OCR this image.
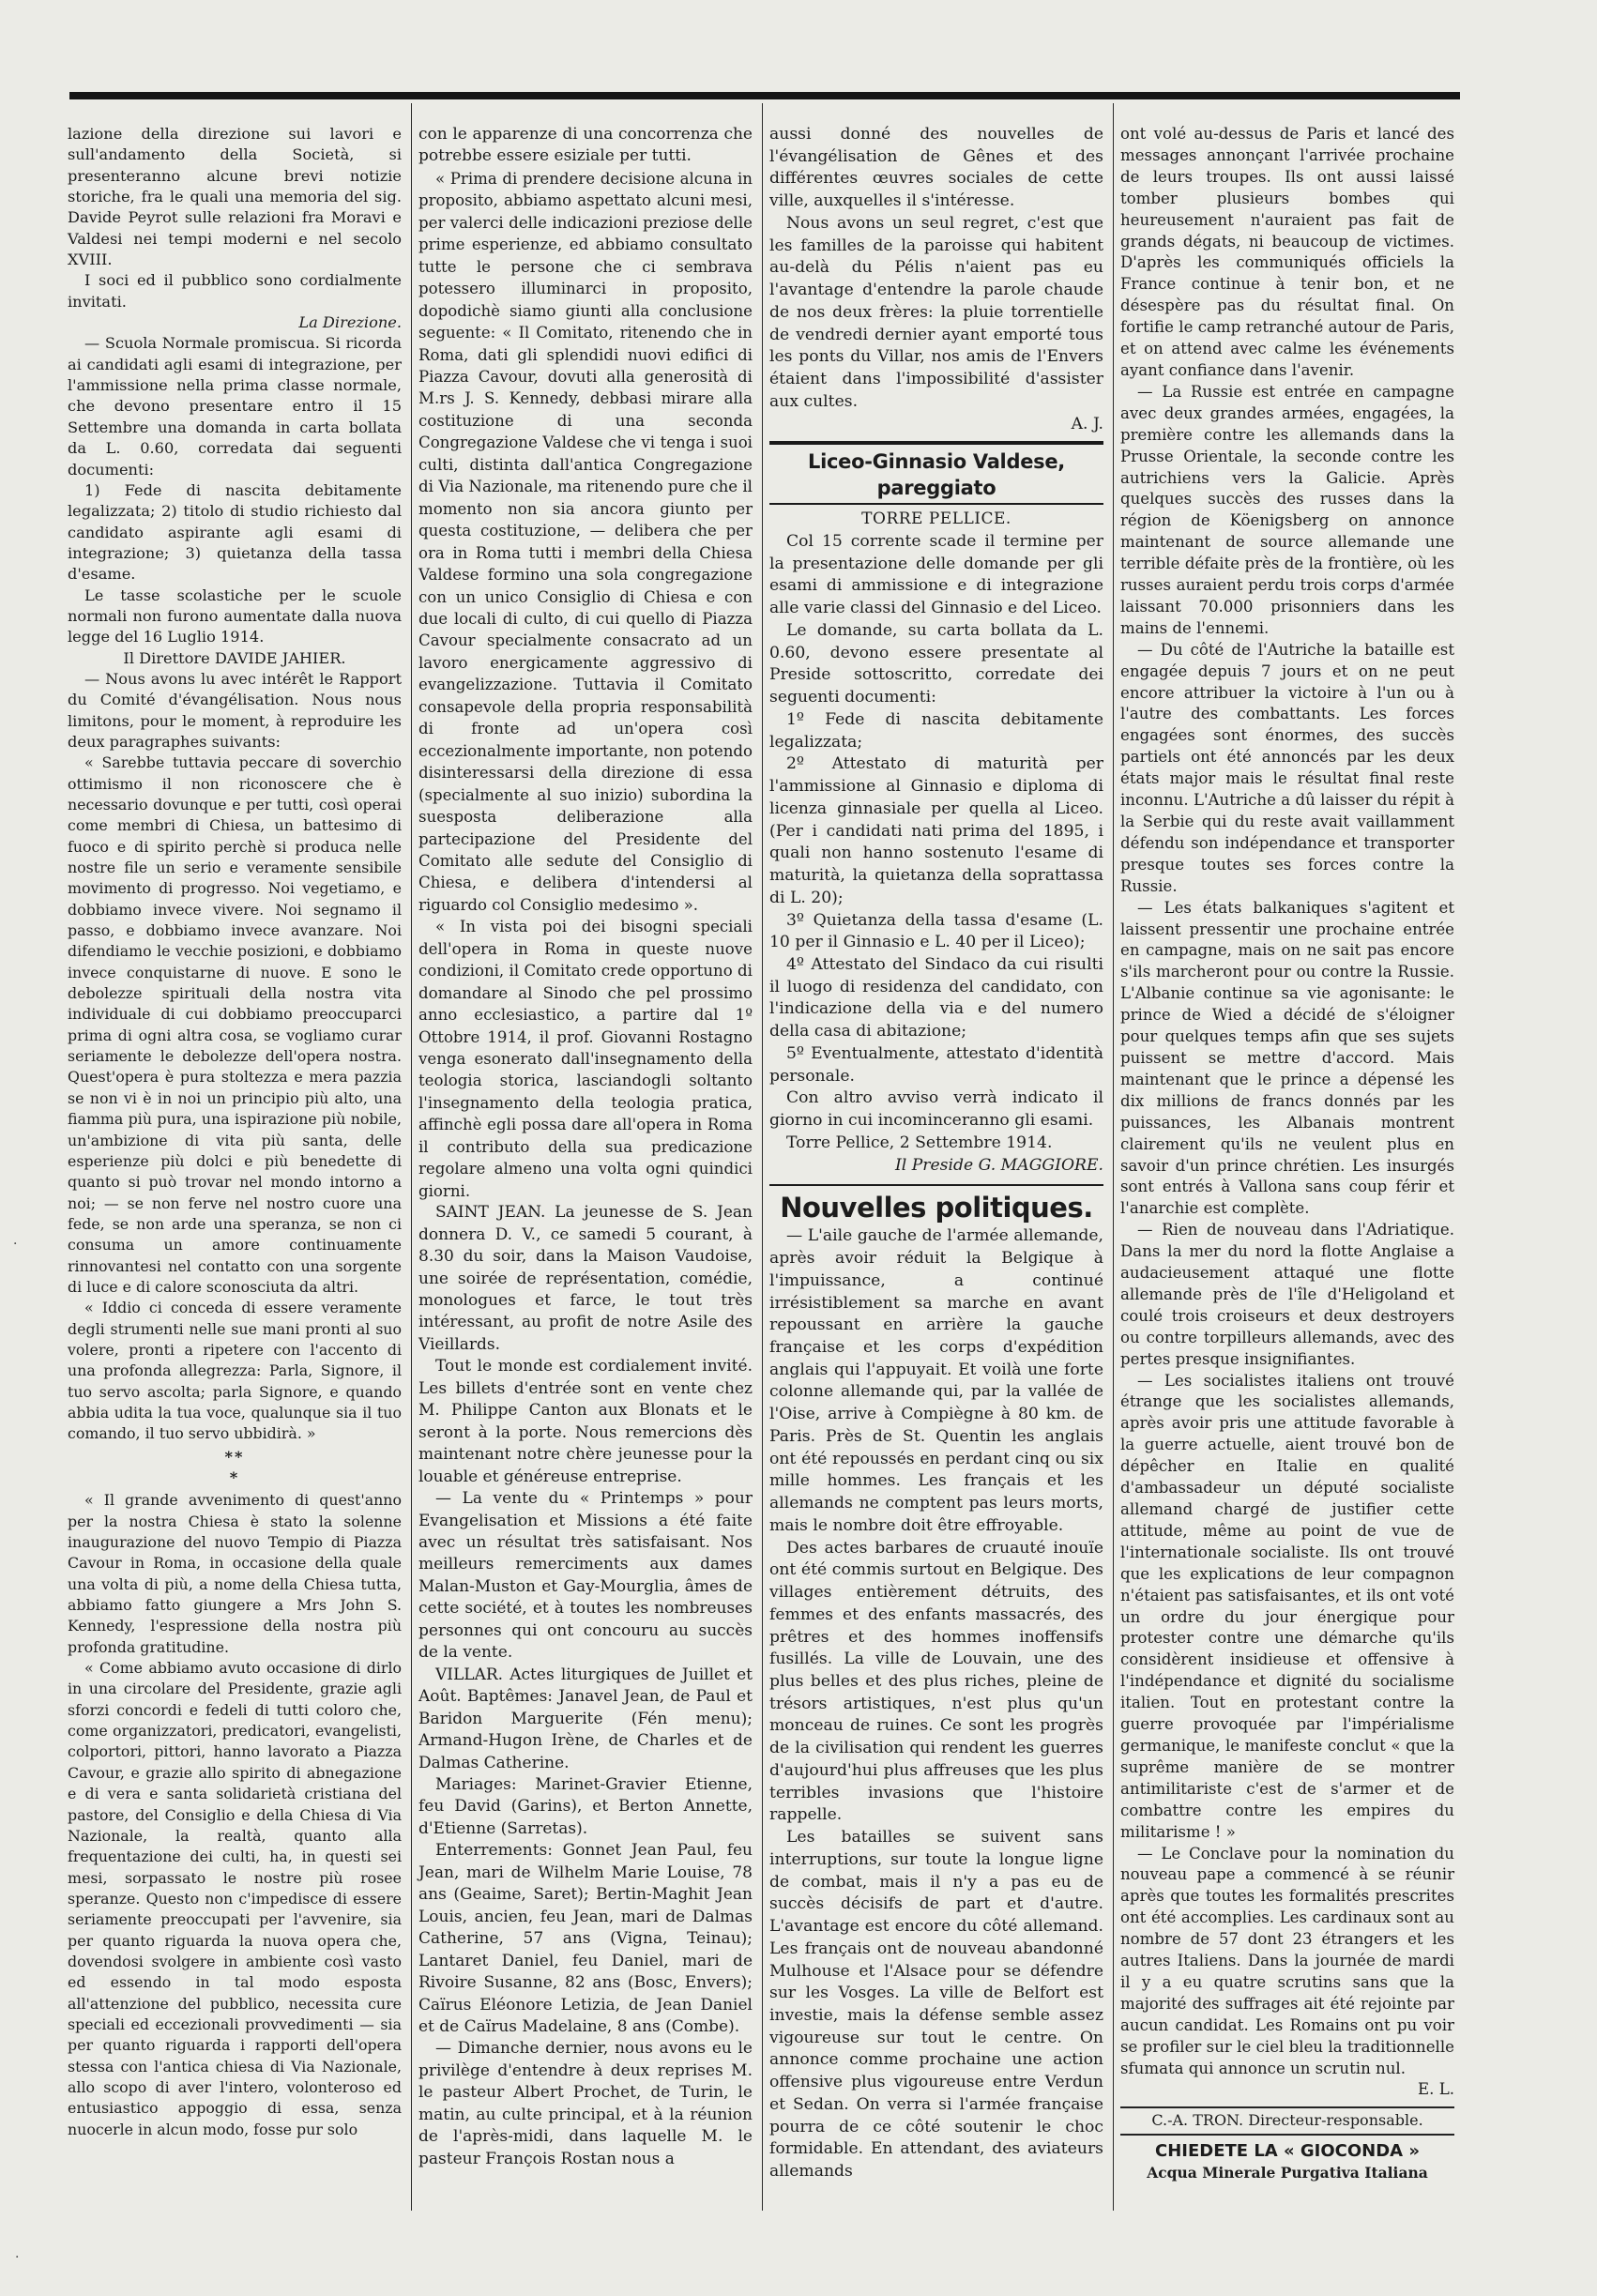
lazione della direzione sui lavori e sull'andamento della Società, si presenteranno alcune brevi notizie storiche, fra le quali una memoria del sig. Davide Peyrot sulle relazioni fra Moravi e Valdesi nei tempi moderni e nel secolo XVIII.

I soci ed il pubblico sono cordialmente invitati.

La Direzione.

— Scuola Normale promiscua. Si ricorda ai candidati agli esami di integrazione, per l'ammissione nella prima classe normale, che devono presentare entro il 15 Settembre una domanda in carta bollata da L. 0.60, corredata dai seguenti documenti:

1) Fede di nascita debitamente legalizzata; 2) titolo di studio richiesto dal candidato aspirante agli esami di integrazione; 3) quietanza della tassa d'esame.

Le tasse scolastiche per le scuole normali non furono aumentate dalla nuova legge del 16 Luglio 1914.

Il Direttore DAVIDE JAHIER.

— Nous avons lu avec intérêt le Rapport du Comité d'évangélisation. Nous nous limitons, pour le moment, à reproduire les deux paragraphes suivants:

« Sarebbe tuttavia peccare di soverchio ottimismo il non riconoscere che è necessario dovunque e per tutti, così operai come membri di Chiesa, un battesimo di fuoco e di spirito perchè si produca nelle nostre file un serio e veramente sensibile movimento di progresso. Noi vegetiamo, e dobbiamo invece vivere. Noi segnamo il passo, e dobbiamo invece avanzare. Noi difendiamo le vecchie posizioni, e dobbiamo invece conquistarne di nuove. E sono le debolezze spirituali della nostra vita individuale di cui dobbiamo preoccuparci prima di ogni altra cosa, se vogliamo curar seriamente le debolezze dell'opera nostra. Quest'opera è pura stoltezza e mera pazzia se non vi è in noi un principio più alto, una fiamma più pura, una ispirazione più nobile, un'ambizione di vita più santa, delle esperienze più dolci e più benedette di quanto si può trovar nel mondo intorno a noi; — se non ferve nel nostro cuore una fede, se non arde una speranza, se non ci consuma un amore continuamente rinnovantesi nel contatto con una sorgente di luce e di calore sconosciuta da altri.

« Iddio ci conceda di essere veramente degli strumenti nelle sue mani pronti al suo volere, pronti a ripetere con l'accento di una profonda allegrezza: Parla, Signore, il tuo servo ascolta; parla Signore, e quando abbia udita la tua voce, qualunque sia il tuo comando, il tuo servo ubbidirà. »

**
*

« Il grande avvenimento di quest'anno per la nostra Chiesa è stato la solenne inaugurazione del nuovo Tempio di Piazza Cavour in Roma, in occasione della quale una volta di più, a nome della Chiesa tutta, abbiamo fatto giungere a Mrs John S. Kennedy, l'espressione della nostra più profonda gratitudine.

« Come abbiamo avuto occasione di dirlo in una circolare del Presidente, grazie agli sforzi concordi e fedeli di tutti coloro che, come organizzatori, predicatori, evangelisti, colportori, pittori, hanno lavorato a Piazza Cavour, e grazie allo spirito di abnegazione e di vera e santa solidarietà cristiana del pastore, del Consiglio e della Chiesa di Via Nazionale, la realtà, quanto alla frequentazione dei culti, ha, in questi sei mesi, sorpassato le nostre più rosee speranze. Questo non c'impedisce di essere seriamente preoccupati per l'avvenire, sia per quanto riguarda la nuova opera che, dovendosi svolgere in ambiente così vasto ed essendo in tal modo esposta all'attenzione del pubblico, necessita cure speciali ed eccezionali provvedimenti — sia per quanto riguarda i rapporti dell'opera stessa con l'antica chiesa di Via Nazionale, allo scopo di aver l'intero, volonteroso ed entusiastico appoggio di essa, senza nuocerle in alcun modo, fosse pur solo

con le apparenze di una concorrenza che potrebbe essere esiziale per tutti.

« Prima di prendere decisione alcuna in proposito, abbiamo aspettato alcuni mesi, per valerci delle indicazioni preziose delle prime esperienze, ed abbiamo consultato tutte le persone che ci sembrava potessero illuminarci in proposito, dopodichè siamo giunti alla conclusione seguente: « Il Comitato, ritenendo che in Roma, dati gli splendidi nuovi edifici di Piazza Cavour, dovuti alla generosità di M.rs J. S. Kennedy, debbasi mirare alla costituzione di una seconda Congregazione Valdese che vi tenga i suoi culti, distinta dall'antica Congregazione di Via Nazionale, ma ritenendo pure che il momento non sia ancora giunto per questa costituzione, — delibera che per ora in Roma tutti i membri della Chiesa Valdese formino una sola congregazione con un unico Consiglio di Chiesa e con due locali di culto, di cui quello di Piazza Cavour specialmente consacrato ad un lavoro energicamente aggressivo di evangelizzazione. Tuttavia il Comitato consapevole della propria responsabilità di fronte ad un'opera così eccezionalmente importante, non potendo disinteressarsi della direzione di essa (specialmente al suo inizio) subordina la suesposta deliberazione alla partecipazione del Presidente del Comitato alle sedute del Consiglio di Chiesa, e delibera d'intendersi al riguardo col Consiglio medesimo ».

« In vista poi dei bisogni speciali dell'opera in Roma in queste nuove condizioni, il Comitato crede opportuno di domandare al Sinodo che pel prossimo anno ecclesiastico, a partire dal 1º Ottobre 1914, il prof. Giovanni Rostagno venga esonerato dall'insegnamento della teologia storica, lasciandogli soltanto l'insegnamento della teologia pratica, affinchè egli possa dare all'opera in Roma il contributo della sua predicazione regolare almeno una volta ogni quindici giorni.

SAINT JEAN. La jeunesse de S. Jean donnera D. V., ce samedi 5 courant, à 8.30 du soir, dans la Maison Vaudoise, une soirée de représentation, comédie, monologues et farce, le tout très intéressant, au profit de notre Asile des Vieillards.

Tout le monde est cordialement invité. Les billets d'entrée sont en vente chez M. Philippe Canton aux Blonats et le seront à la porte. Nous remercions dès maintenant notre chère jeunesse pour la louable et généreuse entreprise.

— La vente du « Printemps » pour Evangelisation et Missions a été faite avec un résultat très satisfaisant. Nos meilleurs remerciments aux dames Malan-Muston et Gay-Mourglia, âmes de cette société, et à toutes les nombreuses personnes qui ont concouru au succès de la vente.

VILLAR. Actes liturgiques de Juillet et Août. Baptêmes: Janavel Jean, de Paul et Baridon Marguerite (Fén menu); Armand-Hugon Irène, de Charles et de Dalmas Catherine.

Mariages: Marinet-Gravier Etienne, feu David (Garins), et Berton Annette, d'Etienne (Sarretas).

Enterrements: Gonnet Jean Paul, feu Jean, mari de Wilhelm Marie Louise, 78 ans (Geaime, Saret); Bertin-Maghit Jean Louis, ancien, feu Jean, mari de Dalmas Catherine, 57 ans (Vigna, Teinau); Lantaret Daniel, feu Daniel, mari de Rivoire Susanne, 82 ans (Bosc, Envers); Caïrus Eléonore Letizia, de Jean Daniel et de Caïrus Madelaine, 8 ans (Combe).

— Dimanche dernier, nous avons eu le privilège d'entendre à deux reprises M. le pasteur Albert Prochet, de Turin, le matin, au culte principal, et à la réunion de l'après-midi, dans laquelle M. le pasteur François Rostan nous a

aussi donné des nouvelles de l'évangélisation de Gênes et des différentes œuvres sociales de cette ville, auxquelles il s'intéresse.

Nous avons un seul regret, c'est que les familles de la paroisse qui habitent au-delà du Pélis n'aient pas eu l'avantage d'entendre la parole chaude de nos deux frères: la pluie torrentielle de vendredi dernier ayant emporté tous les ponts du Villar, nos amis de l'Envers étaient dans l'impossibilité d'assister aux cultes.

A. J.

Liceo-Ginnasio Valdese, pareggiato

TORRE PELLICE.

Col 15 corrente scade il termine per la presentazione delle domande per gli esami di ammissione e di integrazione alle varie classi del Ginnasio e del Liceo.

Le domande, su carta bollata da L. 0.60, devono essere presentate al Preside sottoscritto, corredate dei seguenti documenti:

1º Fede di nascita debitamente legalizzata;

2º Attestato di maturità per l'ammissione al Ginnasio e diploma di licenza ginnasiale per quella al Liceo. (Per i candidati nati prima del 1895, i quali non hanno sostenuto l'esame di maturità, la quietanza della soprattassa di L. 20);

3º Quietanza della tassa d'esame (L. 10 per il Ginnasio e L. 40 per il Liceo);

4º Attestato del Sindaco da cui risulti il luogo di residenza del candidato, con l'indicazione della via e del numero della casa di abitazione;

5º Eventualmente, attestato d'identità personale.

Con altro avviso verrà indicato il giorno in cui incominceranno gli esami.

Torre Pellice, 2 Settembre 1914.

Il Preside G. MAGGIORE.

Nouvelles politiques.

— L'aile gauche de l'armée allemande, après avoir réduit la Belgique à l'impuissance, a continué irrésistiblement sa marche en avant repoussant en arrière la gauche française et les corps d'expédition anglais qui l'appuyait. Et voilà une forte colonne allemande qui, par la vallée de l'Oise, arrive à Compiègne à 80 km. de Paris. Près de St. Quentin les anglais ont été repoussés en perdant cinq ou six mille hommes. Les français et les allemands ne comptent pas leurs morts, mais le nombre doit être effroyable.

Des actes barbares de cruauté inouïe ont été commis surtout en Belgique. Des villages entièrement détruits, des femmes et des enfants massacrés, des prêtres et des hommes inoffensifs fusillés. La ville de Louvain, une des plus belles et des plus riches, pleine de trésors artistiques, n'est plus qu'un monceau de ruines. Ce sont les progrès de la civilisation qui rendent les guerres d'aujourd'hui plus affreuses que les plus terribles invasions que l'histoire rappelle.

Les batailles se suivent sans interruptions, sur toute la longue ligne de combat, mais il n'y a pas eu de succès décisifs de part et d'autre. L'avantage est encore du côté allemand. Les français ont de nouveau abandonné Mulhouse et l'Alsace pour se défendre sur les Vosges. La ville de Belfort est investie, mais la défense semble assez vigoureuse sur tout le centre. On annonce comme prochaine une action offensive plus vigoureuse entre Verdun et Sedan. On verra si l'armée française pourra de ce côté soutenir le choc formidable. En attendant, des aviateurs allemands

ont volé au-dessus de Paris et lancé des messages annonçant l'arrivée prochaine de leurs troupes. Ils ont aussi laissé tomber plusieurs bombes qui heureusement n'auraient pas fait de grands dégats, ni beaucoup de victimes. D'après les communiqués officiels la France continue à tenir bon, et ne désespère pas du résultat final. On fortifie le camp retranché autour de Paris, et on attend avec calme les événements ayant confiance dans l'avenir.

— La Russie est entrée en campagne avec deux grandes armées, engagées, la première contre les allemands dans la Prusse Orientale, la seconde contre les autrichiens vers la Galicie. Après quelques succès des russes dans la région de Köenigsberg on annonce maintenant de source allemande une terrible défaite près de la frontière, où les russes auraient perdu trois corps d'armée laissant 70.000 prisonniers dans les mains de l'ennemi.

— Du côté de l'Autriche la bataille est engagée depuis 7 jours et on ne peut encore attribuer la victoire à l'un ou à l'autre des combattants. Les forces engagées sont énormes, des succès partiels ont été annoncés par les deux états major mais le résultat final reste inconnu. L'Autriche a dû laisser du répit à la Serbie qui du reste avait vaillamment défendu son indépendance et transporter presque toutes ses forces contre la Russie.

— Les états balkaniques s'agitent et laissent pressentir une prochaine entrée en campagne, mais on ne sait pas encore s'ils marcheront pour ou contre la Russie. L'Albanie continue sa vie agonisante: le prince de Wied a décidé de s'éloigner pour quelques temps afin que ses sujets puissent se mettre d'accord. Mais maintenant que le prince a dépensé les dix millions de francs donnés par les puissances, les Albanais montrent clairement qu'ils ne veulent plus en savoir d'un prince chrétien. Les insurgés sont entrés à Vallona sans coup férir et l'anarchie est complète.

— Rien de nouveau dans l'Adriatique. Dans la mer du nord la flotte Anglaise a audacieusement attaqué une flotte allemande près de l'île d'Heligoland et coulé trois croiseurs et deux destroyers ou contre torpilleurs allemands, avec des pertes presque insignifiantes.

— Les socialistes italiens ont trouvé étrange que les socialistes allemands, après avoir pris une attitude favorable à la guerre actuelle, aient trouvé bon de dépêcher en Italie en qualité d'ambassadeur un député socialiste allemand chargé de justifier cette attitude, même au point de vue de l'internationale socialiste. Ils ont trouvé que les explications de leur compagnon n'étaient pas satisfaisantes, et ils ont voté un ordre du jour énergique pour protester contre une démarche qu'ils considèrent insidieuse et offensive à l'indépendance et dignité du socialisme italien. Tout en protestant contre la guerre provoquée par l'impérialisme germanique, le manifeste conclut « que la suprême manière de se montrer antimilitariste c'est de s'armer et de combattre contre les empires du militarisme ! »

— Le Conclave pour la nomination du nouveau pape a commencé à se réunir après que toutes les formalités prescrites ont été accomplies. Les cardinaux sont au nombre de 57 dont 23 étrangers et les autres Italiens. Dans la journée de mardi il y a eu quatre scrutins sans que la majorité des suffrages ait été rejointe par aucun candidat. Les Romains ont pu voir se profiler sur le ciel bleu la traditionnelle sfumata qui annonce un scrutin nul.

E. L.

C.-A. TRON. Directeur-responsable.
CHIEDETE LA « GIOCONDA »
Acqua Minerale Purgativa Italiana
·
·
